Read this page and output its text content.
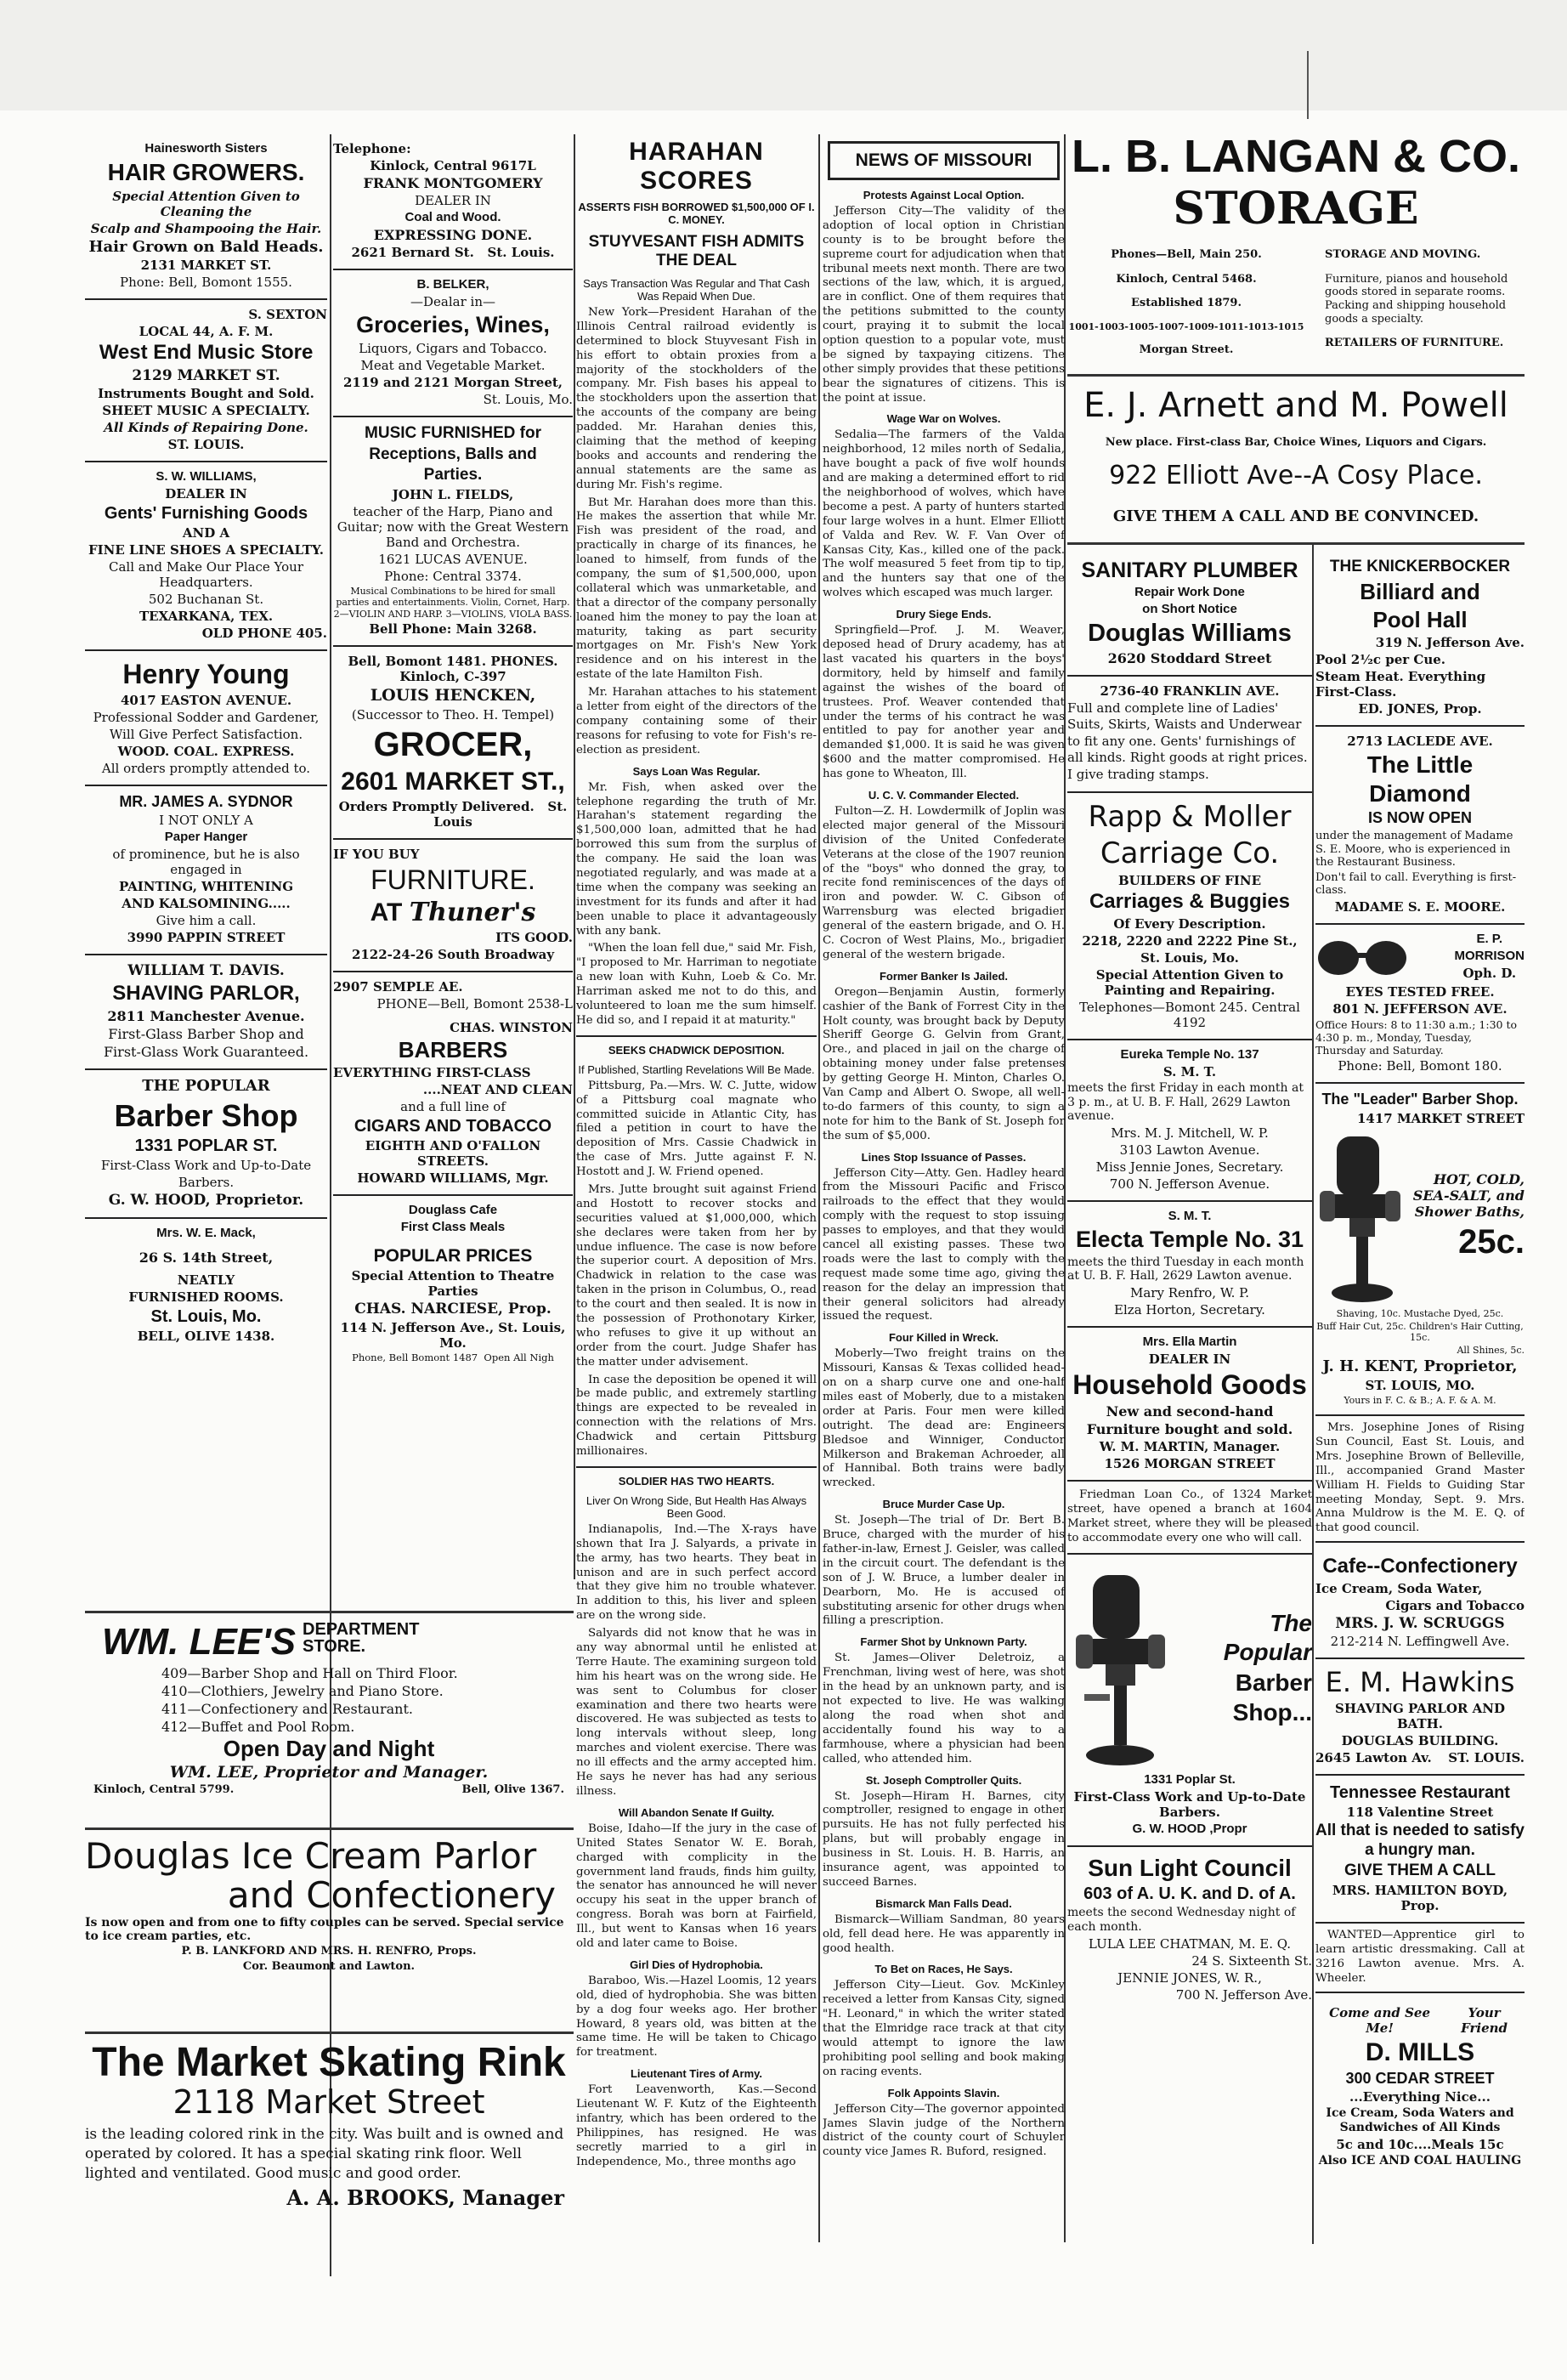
Hainesworth Sisters

HAIR GROWERS.

Special Attention Given to Cleaning the

Scalp and Shampooing the Hair.

Hair Grown on Bald Heads.

2131 MARKET ST.

Phone: Bell, Bomont 1555.

S. SEXTON

LOCAL 44, A. F. M.

West End Music Store

2129 MARKET ST.

Instruments Bought and Sold.

SHEET MUSIC A SPECIALTY.

All Kinds of Repairing Done.

ST. LOUIS.

S. W. WILLIAMS,

DEALER IN

Gents' Furnishing Goods

AND A

FINE LINE SHOES A SPECIALTY.

Call and Make Our Place Your Headquarters.

502 Buchanan St.

TEXARKANA, TEX.

OLD PHONE 405.

Henry Young

4017 EASTON AVENUE.

Professional Sodder and Gardener,

Will Give Perfect Satisfaction.

WOOD. COAL. EXPRESS.

All orders promptly attended to.

MR. JAMES A. SYDNOR

I NOT ONLY A

Paper Hanger

of prominence, but he is also engaged in

PAINTING, WHITENING

AND KALSOMINING.....

Give him a call.

3990 PAPPIN STREET

WILLIAM T. DAVIS.

SHAVING PARLOR,

2811 Manchester Avenue.

First-Glass Barber Shop and

First-Glass Work Guaranteed.

THE POPULAR

Barber Shop

1331 POPLAR ST.

First-Class Work and Up-to-Date

Barbers.

G. W. HOOD, Proprietor.

Mrs. W. E. Mack,

26 S. 14th Street,

NEATLY

FURNISHED ROOMS.

St. Louis, Mo.

BELL, OLIVE 1438.

Telephone:

Kinlock, Central 9617L

FRANK MONTGOMERY

DEALER IN

Coal and Wood.

EXPRESSING DONE.

2621 Bernard St. St. Louis.

B. BELKER,

—Dealar in—

Groceries, Wines,

Liquors, Cigars and Tobacco.

Meat and Vegetable Market.

2119 and 2121 Morgan Street,

St. Louis, Mo.

MUSIC FURNISHED for

Receptions, Balls and

Parties.

JOHN L. FIELDS,

teacher of the Harp, Piano and Guitar; now with the Great Western Band and Orchestra.

1621 LUCAS AVENUE.

Phone: Central 3374.

Musical Combinations to be hired for small parties and entertainments. Violin, Cornet, Harp. 2—VIOLIN AND HARP. 3—VIOLINS, VIOLA BASS.

Bell Phone: Main 3268.

Bell, Bomont 1481. PHONES. Kinloch, C-397

LOUIS HENCKEN,

(Successor to Theo. H. Tempel)

GROCER,

2601 MARKET ST.,

Orders Promptly Delivered. St. Louis

IF YOU BUY

FURNITURE.

AT Thuner's

ITS GOOD.

2122-24-26 South Broadway

2907 SEMPLE AE.

PHONE—Bell, Bomont 2538-L

CHAS. WINSTON

BARBERS

EVERYTHING FIRST-CLASS

....NEAT AND CLEAN

and a full line of

CIGARS AND TOBACCO

EIGHTH AND O'FALLON STREETS.

HOWARD WILLIAMS, Mgr.

Douglass Cafe

First Class Meals

POPULAR PRICES

Special Attention to Theatre Parties

CHAS. NARCIESE, Prop.

114 N. Jefferson Ave., St. Louis, Mo.

Phone, Bell Bomont 1487 Open All Nigh

WM. LEE'S DEPARTMENT STORE.

409—Barber Shop and Hall on Third Floor.

410—Clothiers, Jewelry and Piano Store.

411—Confectionery and Restaurant.

412—Buffet and Pool Room.

Open Day and Night

WM. LEE, Proprietor and Manager.

Kinloch, Central 5799.	Bell, Olive 1367.

Douglas Ice Cream Parlor

and Confectionery

Is now open and from one to fifty couples can be served. Special service to ice cream parties, etc.

P. B. LANKFORD AND MRS. H. RENFRO, Props.

Cor. Beaumont and Lawton.

The Market Skating Rink

2118 Market Street

is the leading colored rink in the city. Was built and is owned and operated by colored. It has a special skating rink floor. Well lighted and ventilated. Good music and good order.

A. A. BROOKS, Manager

HARAHAN SCORES

ASSERTS FISH BORROWED $1,500,000 OF I. C. MONEY.

STUYVESANT FISH ADMITS THE DEAL

Says Transaction Was Regular and That Cash Was Repaid When Due.

New York—President Harahan of the Illinois Central railroad evidently is determined to block Stuyvesant Fish in his effort to obtain proxies from a majority of the stockholders of the company. Mr. Fish bases his appeal to the stockholders upon the assertion that the accounts of the company are being padded. Mr. Harahan denies this, claiming that the method of keeping books and accounts and rendering the annual statements are the same as during Mr. Fish's regime.

But Mr. Harahan does more than this. He makes the assertion that while Mr. Fish was president of the road, and practically in charge of its finances, he loaned to himself, from funds of the company, the sum of $1,500,000, upon collateral which was unmarketable, and that a director of the company personally loaned him the money to pay the loan at maturity, taking as part security mortgages on Mr. Fish's New York residence and on his interest in the estate of the late Hamilton Fish.

Mr. Harahan attaches to his statement a letter from eight of the directors of the company containing some of their reasons for refusing to vote for Fish's re-election as president.

Says Loan Was Regular.

Mr. Fish, when asked over the telephone regarding the truth of Mr. Harahan's statement regarding the $1,500,000 loan, admitted that he had borrowed this sum from the surplus of the company. He said the loan was negotiated regularly, and was made at a time when the company was seeking an investment for its funds and after it had been unable to place it advantageously with any bank.

"When the loan fell due," said Mr. Fish, "I proposed to Mr. Harriman to negotiate a new loan with Kuhn, Loeb & Co. Mr. Harriman asked me not to do this, and volunteered to loan me the sum himself. He did so, and I repaid it at maturity."

SEEKS CHADWICK DEPOSITION.

If Published, Startling Revelations Will Be Made.

Pittsburg, Pa.—Mrs. W. C. Jutte, widow of a Pittsburg coal magnate who committed suicide in Atlantic City, has filed a petition in court to have the deposition of Mrs. Cassie Chadwick in the case of Mrs. Jutte against F. N. Hostott and J. W. Friend opened.

Mrs. Jutte brought suit against Friend and Hostott to recover stocks and securities valued at $1,000,000, which she declares were taken from her by undue influence. The case is now before the superior court. A deposition of Mrs. Chadwick in relation to the case was taken in the prison in Columbus, O., read to the court and then sealed. It is now in the possession of Prothonotary Kirker, who refuses to give it up without an order from the court. Judge Shafer has the matter under advisement.

In case the deposition be opened it will be made public, and extremely startling things are expected to be revealed in connection with the relations of Mrs. Chadwick and certain Pittsburg millionaires.

SOLDIER HAS TWO HEARTS.

Liver On Wrong Side, But Health Has Always Been Good.

Indianapolis, Ind.—The X-rays have shown that Ira J. Salyards, a private in the army, has two hearts. They beat in unison and are in such perfect accord that they give him no trouble whatever. In addition to this, his liver and spleen are on the wrong side.

Salyards did not know that he was in any way abnormal until he enlisted at Terre Haute. The examining surgeon told him his heart was on the wrong side. He was sent to Columbus for closer examination and there two hearts were discovered. He was subjected as tests to long intervals without sleep, long marches and violent exercise. There was no ill effects and the army accepted him. He says he never has had any serious illness.

Will Abandon Senate If Guilty.

Boise, Idaho—If the jury in the case of United States Senator W. E. Borah, charged with complicity in the government land frauds, finds him guilty, the senator has announced he will never occupy his seat in the upper branch of congress. Borah was born at Fairfield, Ill., but went to Kansas when 16 years old and later came to Boise.

Girl Dies of Hydrophobia.

Baraboo, Wis.—Hazel Loomis, 12 years old, died of hydrophobia. She was bitten by a dog four weeks ago. Her brother Howard, 8 years old, was bitten at the same time. He will be taken to Chicago for treatment.

Lieutenant Tires of Army.

Fort Leavenworth, Kas.—Second Lieutenant W. F. Kutz of the Eighteenth infantry, which has been ordered to the Philippines, has resigned. He was secretly married to a girl in Independence, Mo., three months ago

NEWS OF MISSOURI

Protests Against Local Option.

Jefferson City—The validity of the adoption of local option in Christian county is to be brought before the supreme court for adjudication when that tribunal meets next month. There are two sections of the law, which, it is argued, are in conflict. One of them requires that the petitions submitted to the county court, praying it to submit the local option question to a popular vote, must be signed by taxpaying citizens. The other simply provides that these petitions bear the signatures of citizens. This is the point at issue.

Wage War on Wolves.

Sedalia—The farmers of the Valda neighborhood, 12 miles north of Sedalia, have bought a pack of five wolf hounds and are making a determined effort to rid the neighborhood of wolves, which have become a pest. A party of hunters started four large wolves in a hunt. Elmer Elliott of Valda and Rev. W. F. Van Over of Kansas City, Kas., killed one of the pack. The wolf measured 5 feet from tip to tip, and the hunters say that one of the wolves which escaped was much larger.

Drury Siege Ends.

Springfield—Prof. J. M. Weaver, deposed head of Drury academy, has at last vacated his quarters in the boys' dormitory, held by himself and family against the wishes of the board of trustees. Prof. Weaver contended that under the terms of his contract he was entitled to pay for another year and demanded $1,000. It is said he was given $600 and the matter compromised. He has gone to Wheaton, Ill.

U. C. V. Commander Elected.

Fulton—Z. H. Lowdermilk of Joplin was elected major general of the Missouri division of the United Confederate Veterans at the close of the 1907 reunion of the "boys" who donned the gray, to recite fond reminiscences of the days of iron and powder. W. C. Gibson of Warrensburg was elected brigadier general of the eastern brigade, and O. H. C. Cocron of West Plains, Mo., brigadier general of the western brigade.

Former Banker Is Jailed.

Oregon—Benjamin Austin, formerly cashier of the Bank of Forrest City in the Holt county, was brought back by Deputy Sheriff George G. Gelvin from Grant, Ore., and placed in jail on the charge of obtaining money under false pretenses by getting George H. Minton, Charles O. Van Camp and Albert O. Swope, all well-to-do farmers of this county, to sign a note for him to the Bank of St. Joseph for the sum of $5,000.

Lines Stop Issuance of Passes.

Jefferson City—Atty. Gen. Hadley heard from the Missouri Pacific and Frisco railroads to the effect that they would comply with the request to stop issuing passes to employes, and that they would cancel all existing passes. These two roads were the last to comply with the request made some time ago, giving the reason for the delay an impression that their general solicitors had already issued the request.

Four Killed in Wreck.

Moberly—Two freight trains on the Missouri, Kansas & Texas collided head-on on a sharp curve one and one-half miles east of Moberly, due to a mistaken order at Paris. Four men were killed outright. The dead are: Engineers Bledsoe and Winniger, Conductor Milkerson and Brakeman Achroeder, all of Hannibal. Both trains were badly wrecked.

Bruce Murder Case Up.

St. Joseph—The trial of Dr. Bert B. Bruce, charged with the murder of his father-in-law, Ernest J. Geisler, was called in the circuit court. The defendant is the son of J. W. Bruce, a lumber dealer in Dearborn, Mo. He is accused of substituting arsenic for other drugs when filling a prescription.

Farmer Shot by Unknown Party.

St. James—Oliver Deletroiz, a Frenchman, living west of here, was shot in the head by an unknown party, and is not expected to live. He was walking along the road when shot and accidentally found his way to a farmhouse, where a physician had been called, who attended him.

St. Joseph Comptroller Quits.

St. Joseph—Hiram H. Barnes, city comptroller, resigned to engage in other pursuits. He has not fully perfected his plans, but will probably engage in business in St. Louis. H. B. Harris, an insurance agent, was appointed to succeed Barnes.

Bismarck Man Falls Dead.

Bismarck—William Sandman, 80 years old, fell dead here. He was apparently in good health.

To Bet on Races, He Says.

Jefferson City—Lieut. Gov. McKinley received a letter from Kansas City, signed "H. Leonard," in which the writer stated that the Elmridge race track at that city would attempt to ignore the law prohibiting pool selling and book making on racing events.

Folk Appoints Slavin.

Jefferson City—The governor appointed James Slavin judge of the Northern district of the county court of Schuyler county vice James R. Buford, resigned.

L. B. LANGAN & CO.

STORAGE

Phones—Bell, Main 250.

Kinloch, Central 5468.

Established 1879.

1001-1003-1005-1007-1009-1011-1013-1015

Morgan Street.

STORAGE AND MOVING.

Furniture, pianos and household goods stored in separate rooms. Packing and shipping household goods a specialty.

RETAILERS OF FURNITURE.

E. J. Arnett and M. Powell

New place. First-class Bar, Choice Wines, Liquors and Cigars.

922 Elliott Ave--A Cosy Place.

GIVE THEM A CALL AND BE CONVINCED.

SANITARY PLUMBER

Repair Work Done

on Short Notice

Douglas Williams

2620 Stoddard Street

2736-40 FRANKLIN AVE.

Full and complete line of Ladies' Suits, Skirts, Waists and Underwear to fit any one. Gents' furnishings of all kinds. Right goods at right prices. I give trading stamps.

Rapp & Moller

Carriage Co.

BUILDERS OF FINE

Carriages & Buggies

Of Every Description.

2218, 2220 and 2222 Pine St.,

St. Louis, Mo.

Special Attention Given to Painting and Repairing.

Telephones—Bomont 245. Central 4192

Eureka Temple No. 137

S. M. T.

meets the first Friday in each month at 3 p. m., at U. B. F. Hall, 2629 Lawton avenue.

Mrs. M. J. Mitchell, W. P.

3103 Lawton Avenue.

Miss Jennie Jones, Secretary.

700 N. Jefferson Avenue.

S. M. T.

Electa Temple No. 31

meets the third Tuesday in each month at U. B. F. Hall, 2629 Lawton avenue.

Mary Renfro, W. P.

Elza Horton, Secretary.

Mrs. Ella Martin

DEALER IN

Household Goods

New and second-hand

Furniture bought and sold.

W. M. MARTIN, Manager.

1526 MORGAN STREET

Friedman Loan Co., of 1324 Market street, have opened a branch at 1604 Market street, where they will be pleased to accommodate every one who will call.

The Popular

Barber

Shop...

1331 Poplar St.

First-Class Work and Up-to-Date Barbers.

G. W. HOOD ,Propr

Sun Light Council

603 of A. U. K. and D. of A.

meets the second Wednesday night of each month.

LULA LEE CHATMAN, M. E. Q.

24 S. Sixteenth St.

JENNIE JONES, W. R.,

700 N. Jefferson Ave.

THE KNICKERBOCKER

Billiard and

Pool Hall

319 N. Jefferson Ave.

Pool 2½c per Cue.

Steam Heat. Everything First-Class.

ED. JONES, Prop.

2713 LACLEDE AVE.

The Little Diamond

IS NOW OPEN

under the management of Madame S. E. Moore, who is experienced in the Restaurant Business.

Don't fail to call. Everything is first-class.

MADAME S. E. MOORE.

E. P.

MORRISON

Oph. D.

EYES TESTED FREE.

801 N. JEFFERSON AVE.

Office Hours: 8 to 11:30 a.m.; 1:30 to 4:30 p. m., Monday, Tuesday, Thursday and Saturday.

Phone: Bell, Bomont 180.

The "Leader" Barber Shop.

1417 MARKET STREET

HOT, COLD, SEA-SALT, and Shower Baths,

25c.

Shaving, 10c. Mustache Dyed, 25c.

Buff Hair Cut, 25c. Children's Hair Cutting, 15c.

All Shines, 5c.

J. H. KENT, Proprietor,

ST. LOUIS, MO.

Yours in F. C. & B.; A. F. & A. M.

Mrs. Josephine Jones of Rising Sun Council, East St. Louis, and Mrs. Josephine Brown of Belleville, Ill., accompanied Grand Master William H. Fields to Guiding Star meeting Monday, Sept. 9. Mrs. Anna Muldrow is the M. E. Q. of that good council.

Cafe--Confectionery

Ice Cream, Soda Water,

Cigars and Tobacco

MRS. J. W. SCRUGGS

212-214 N. Leffingwell Ave.

E. M. Hawkins

SHAVING PARLOR AND BATH.

DOUGLAS BUILDING.

2645 Lawton Av. ST. LOUIS.

Tennessee Restaurant

118 Valentine Street

All that is needed to satisfy a hungry man.

GIVE THEM A CALL

MRS. HAMILTON BOYD, Prop.

WANTED—Apprentice girl to learn artistic dressmaking. Call at 3216 Lawton avenue. Mrs. A. Wheeler.

Come and See Me!
Your Friend

D. MILLS

300 CEDAR STREET

...Everything Nice...

Ice Cream, Soda Waters and Sandwiches of All Kinds

5c and 10c....Meals 15c

Also ICE AND COAL HAULING
